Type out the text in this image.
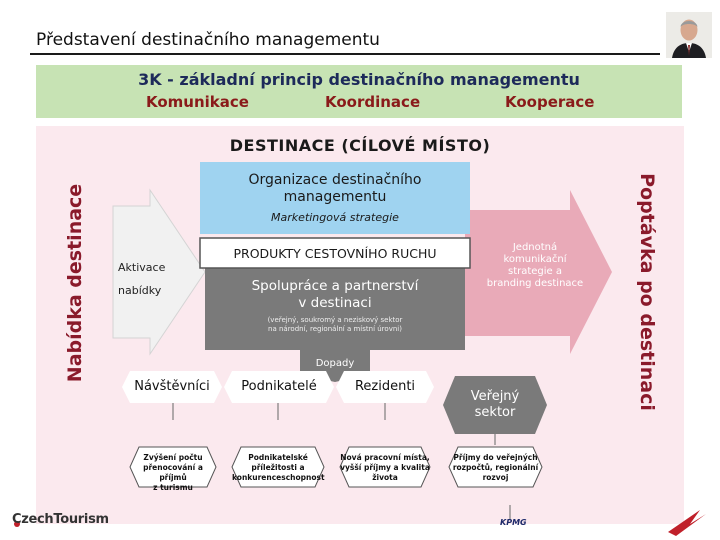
Představení destinačního managementu
3K - základní princip destinačního managementu
Komunikace	Koordinace	Kooperace
DESTINACE (CÍLOVÉ MÍSTO)
Nabídka destinace	Poptávka po destinaci
Organizace destinačního
managementu
Marketingová strategie
Aktivace
nabídky
PRODUKTY CESTOVNÍHO RUCHU
Spolupráce a partnerství
v destinaci
(veřejný, soukromý a neziskový sektor
na národní, regionální a místní úrovni)
Jednotná
komunikační
strategie a
branding destinace
Dopady
Návštěvníci	Podnikatelé	Rezidenti
Veřejný
sektor
Zvýšení počtu
přenocování a příjmů
z turismu
Podnikatelské
příležitosti a
konkurenceschopnost
Nová pracovní místa,
vyšší příjmy a kvalita
života
Příjmy do veřejných
rozpočtů, regionální
rozvoj
CzechTourism	KPMG
